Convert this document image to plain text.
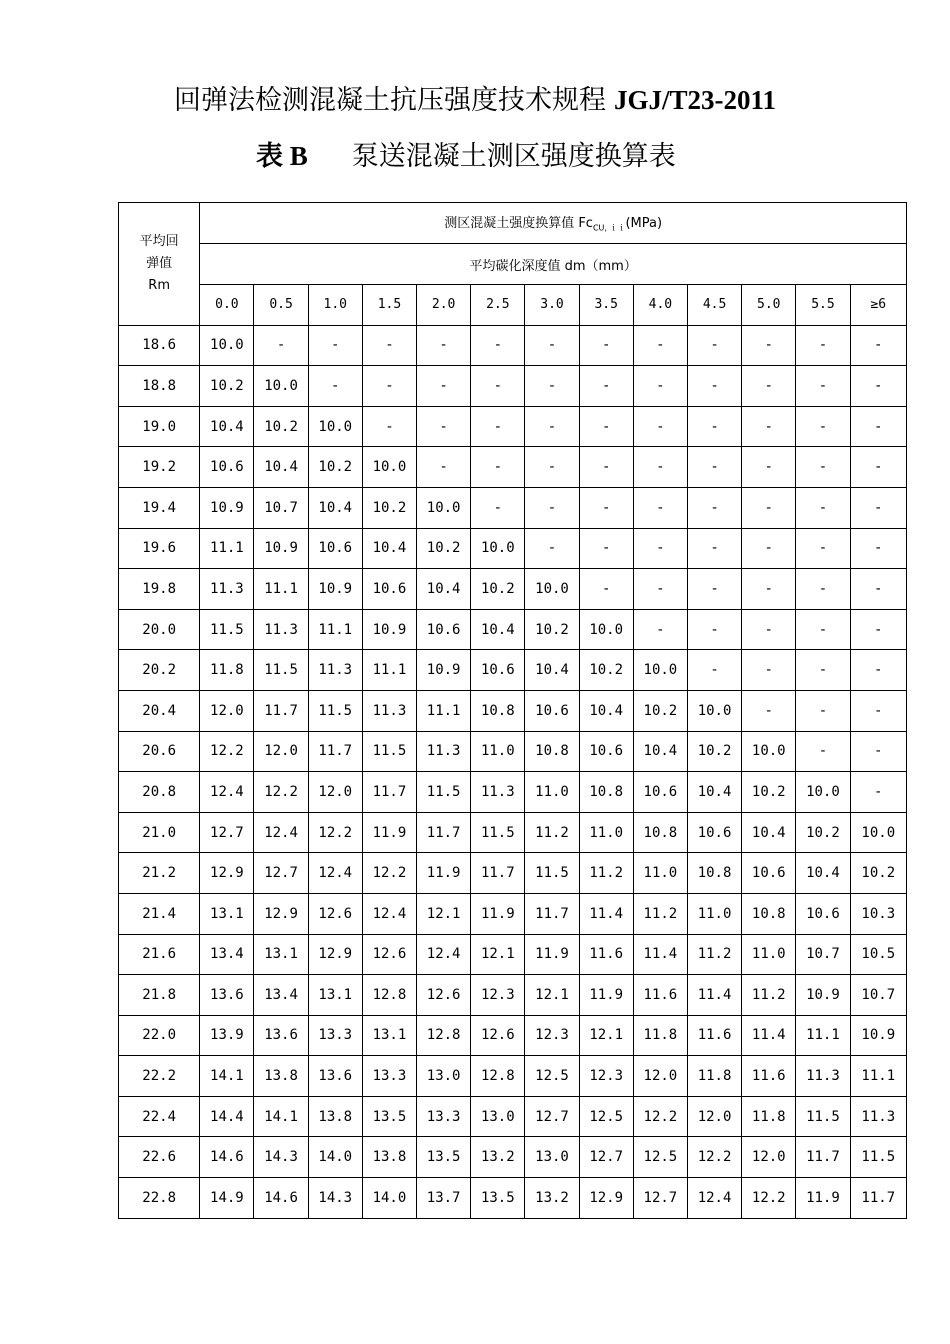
回弹法检测混凝土抗压强度技术规程 JGJ/T23-2011
表 B 泵送混凝土测区强度换算表
平均回
弹值
Rm	测区混凝土强度换算值 $Fc_{CU, ii}(MPa)$												
	平均碳化深度值 dm（mm）												
	0.0	0.5	1.0	1.5	2.0	2.5	3.0	3.5	4.0	4.5	5.0	5.5	≥6
18.6	10.0	-	-	-	-	-	-	-	-	-	-	-	-
18.8	10.2	10.0	-	-	-	-	-	-	-	-	-	-	-
19.0	10.4	10.2	10.0	-	-	-	-	-	-	-	-	-	-
19.2	10.6	10.4	10.2	10.0	-	-	-	-	-	-	-	-	-
19.4	10.9	10.7	10.4	10.2	10.0	-	-	-	-	-	-	-	-
19.6	11.1	10.9	10.6	10.4	10.2	10.0	-	-	-	-	-	-	-
19.8	11.3	11.1	10.9	10.6	10.4	10.2	10.0	-	-	-	-	-	-
20.0	11.5	11.3	11.1	10.9	10.6	10.4	10.2	10.0	-	-	-	-	-
20.2	11.8	11.5	11.3	11.1	10.9	10.6	10.4	10.2	10.0	-	-	-	-
20.4	12.0	11.7	11.5	11.3	11.1	10.8	10.6	10.4	10.2	10.0	-	-	-
20.6	12.2	12.0	11.7	11.5	11.3	11.0	10.8	10.6	10.4	10.2	10.0	-	-
20.8	12.4	12.2	12.0	11.7	11.5	11.3	11.0	10.8	10.6	10.4	10.2	10.0	-
21.0	12.7	12.4	12.2	11.9	11.7	11.5	11.2	11.0	10.8	10.6	10.4	10.2	10.0
21.2	12.9	12.7	12.4	12.2	11.9	11.7	11.5	11.2	11.0	10.8	10.6	10.4	10.2
21.4	13.1	12.9	12.6	12.4	12.1	11.9	11.7	11.4	11.2	11.0	10.8	10.6	10.3
21.6	13.4	13.1	12.9	12.6	12.4	12.1	11.9	11.6	11.4	11.2	11.0	10.7	10.5
21.8	13.6	13.4	13.1	12.8	12.6	12.3	12.1	11.9	11.6	11.4	11.2	10.9	10.7
22.0	13.9	13.6	13.3	13.1	12.8	12.6	12.3	12.1	11.8	11.6	11.4	11.1	10.9
22.2	14.1	13.8	13.6	13.3	13.0	12.8	12.5	12.3	12.0	11.8	11.6	11.3	11.1
22.4	14.4	14.1	13.8	13.5	13.3	13.0	12.7	12.5	12.2	12.0	11.8	11.5	11.3
22.6	14.6	14.3	14.0	13.8	13.5	13.2	13.0	12.7	12.5	12.2	12.0	11.7	11.5
22.8	14.9	14.6	14.3	14.0	13.7	13.5	13.2	12.9	12.7	12.4	12.2	11.9	11.7
